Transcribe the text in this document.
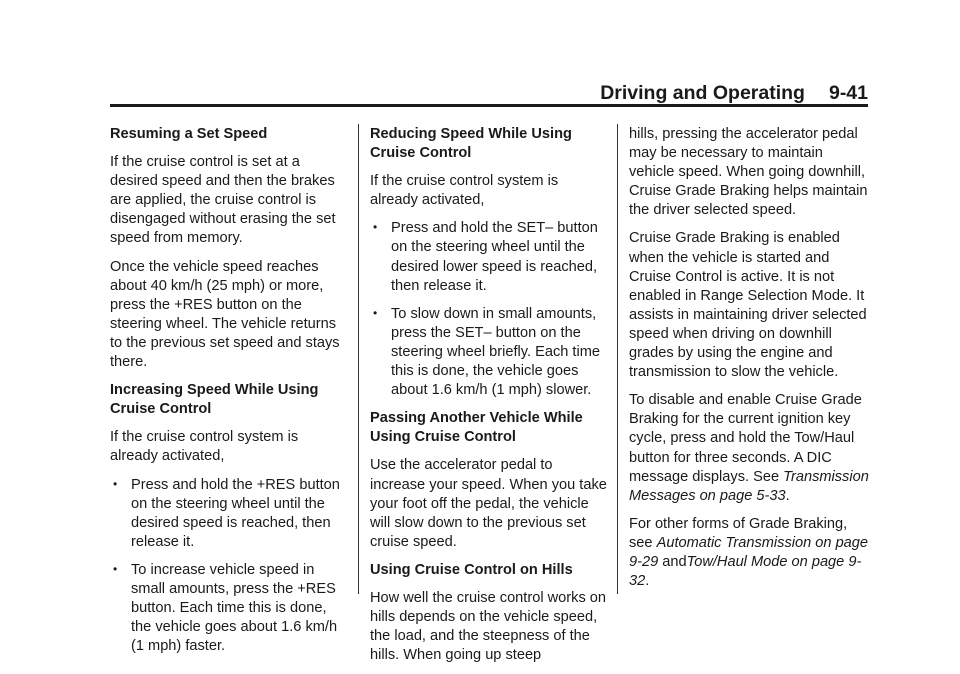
Driving and Operating 9-41
Resuming a Set Speed

If the cruise control is set at a desired speed and then the brakes are applied, the cruise control is disengaged without erasing the set speed from memory.

Once the vehicle speed reaches about 40 km/h (25 mph) or more, press the +RES button on the steering wheel. The vehicle returns to the previous set speed and stays there.

Increasing Speed While Using Cruise Control

If the cruise control system is already activated,

• Press and hold the +RES button on the steering wheel until the desired speed is reached, then release it.
• To increase vehicle speed in small amounts, press the +RES button. Each time this is done, the vehicle goes about 1.6 km/h (1 mph) faster.
Reducing Speed While Using Cruise Control

If the cruise control system is already activated,

• Press and hold the SET– button on the steering wheel until the desired lower speed is reached, then release it.
• To slow down in small amounts, press the SET– button on the steering wheel briefly. Each time this is done, the vehicle goes about 1.6 km/h (1 mph) slower.
Passing Another Vehicle While Using Cruise Control

Use the accelerator pedal to increase your speed. When you take your foot off the pedal, the vehicle will slow down to the previous set cruise speed.

Using Cruise Control on Hills

How well the cruise control works on hills depends on the vehicle speed, the load, and the steepness of the hills. When going up steep

hills, pressing the accelerator pedal may be necessary to maintain vehicle speed. When going downhill, Cruise Grade Braking helps maintain the driver selected speed.

Cruise Grade Braking is enabled when the vehicle is started and Cruise Control is active. It is not enabled in Range Selection Mode. It assists in maintaining driver selected speed when driving on downhill grades by using the engine and transmission to slow the vehicle.

To disable and enable Cruise Grade Braking for the current ignition key cycle, press and hold the Tow/Haul button for three seconds. A DIC message displays. See Transmission Messages on page 5-33.

For other forms of Grade Braking, see Automatic Transmission on page 9-29 andTow/Haul Mode on page 9-32.
